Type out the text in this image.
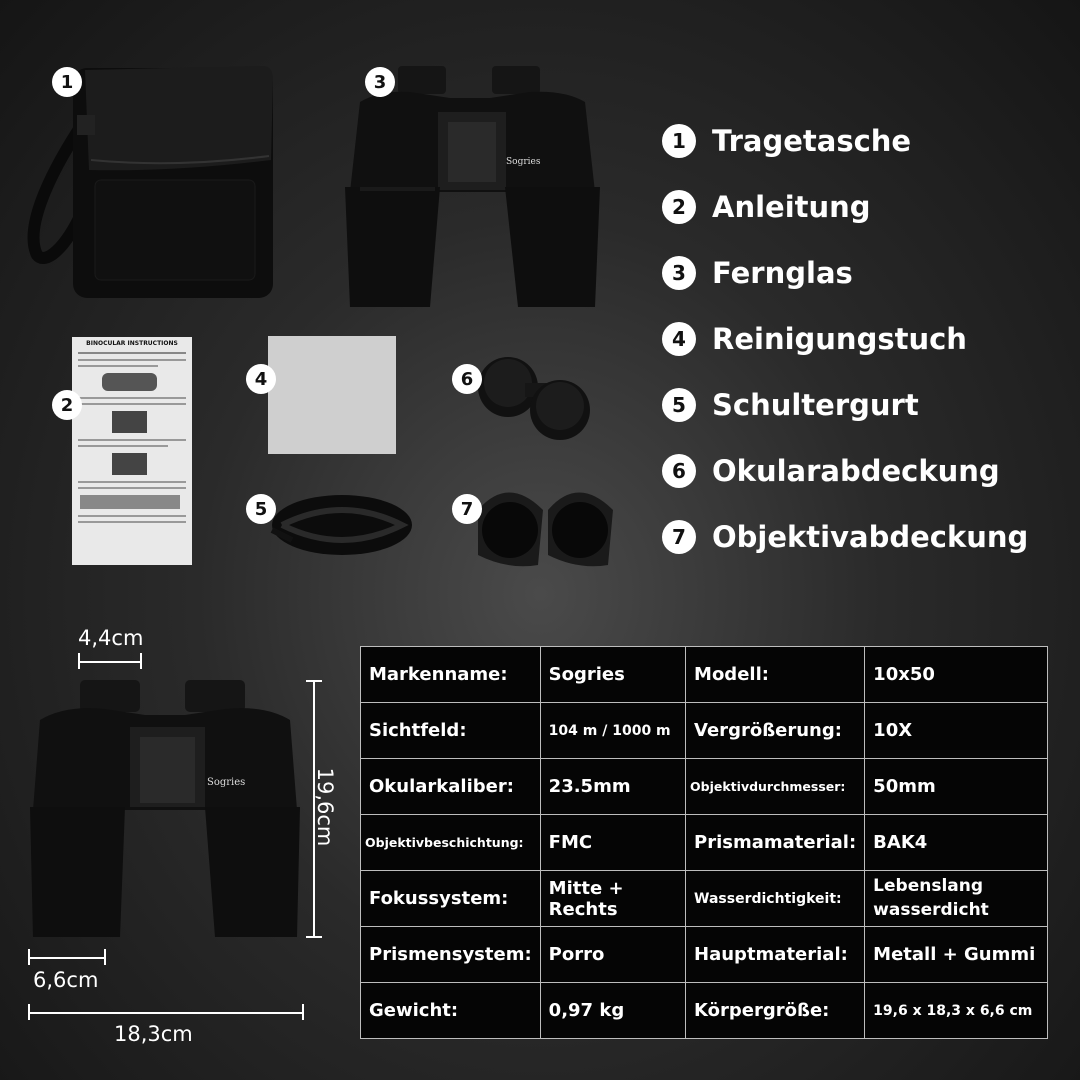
1
Sogries
3
BINOCULAR INSTRUCTIONS
2
4
5
6
7
1 Tragetasche
2 Anleitung
3 Fernglas
4 Reinigungstuch
5 Schultergurt
6 Okularabdeckung
7 Objektivabdeckung
Sogries
4,4cm
19,6cm
6,6cm
18,3cm
Markenname:	Sogries	Modell:	10x50
Sichtfeld:	104 m / 1000 m	Vergrößerung:	10X
Okularkaliber:	23.5mm	Objektivdurchmesser:	50mm
Objektivbeschichtung:	FMC	Prismamaterial:	BAK4
Fokussystem:	Mitte + Rechts	Wasserdichtigkeit:	Lebenslang wasserdicht
Prismensystem:	Porro	Hauptmaterial:	Metall + Gummi
Gewicht:	0,97 kg	Körpergröße:	19,6 x 18,3 x 6,6 cm
